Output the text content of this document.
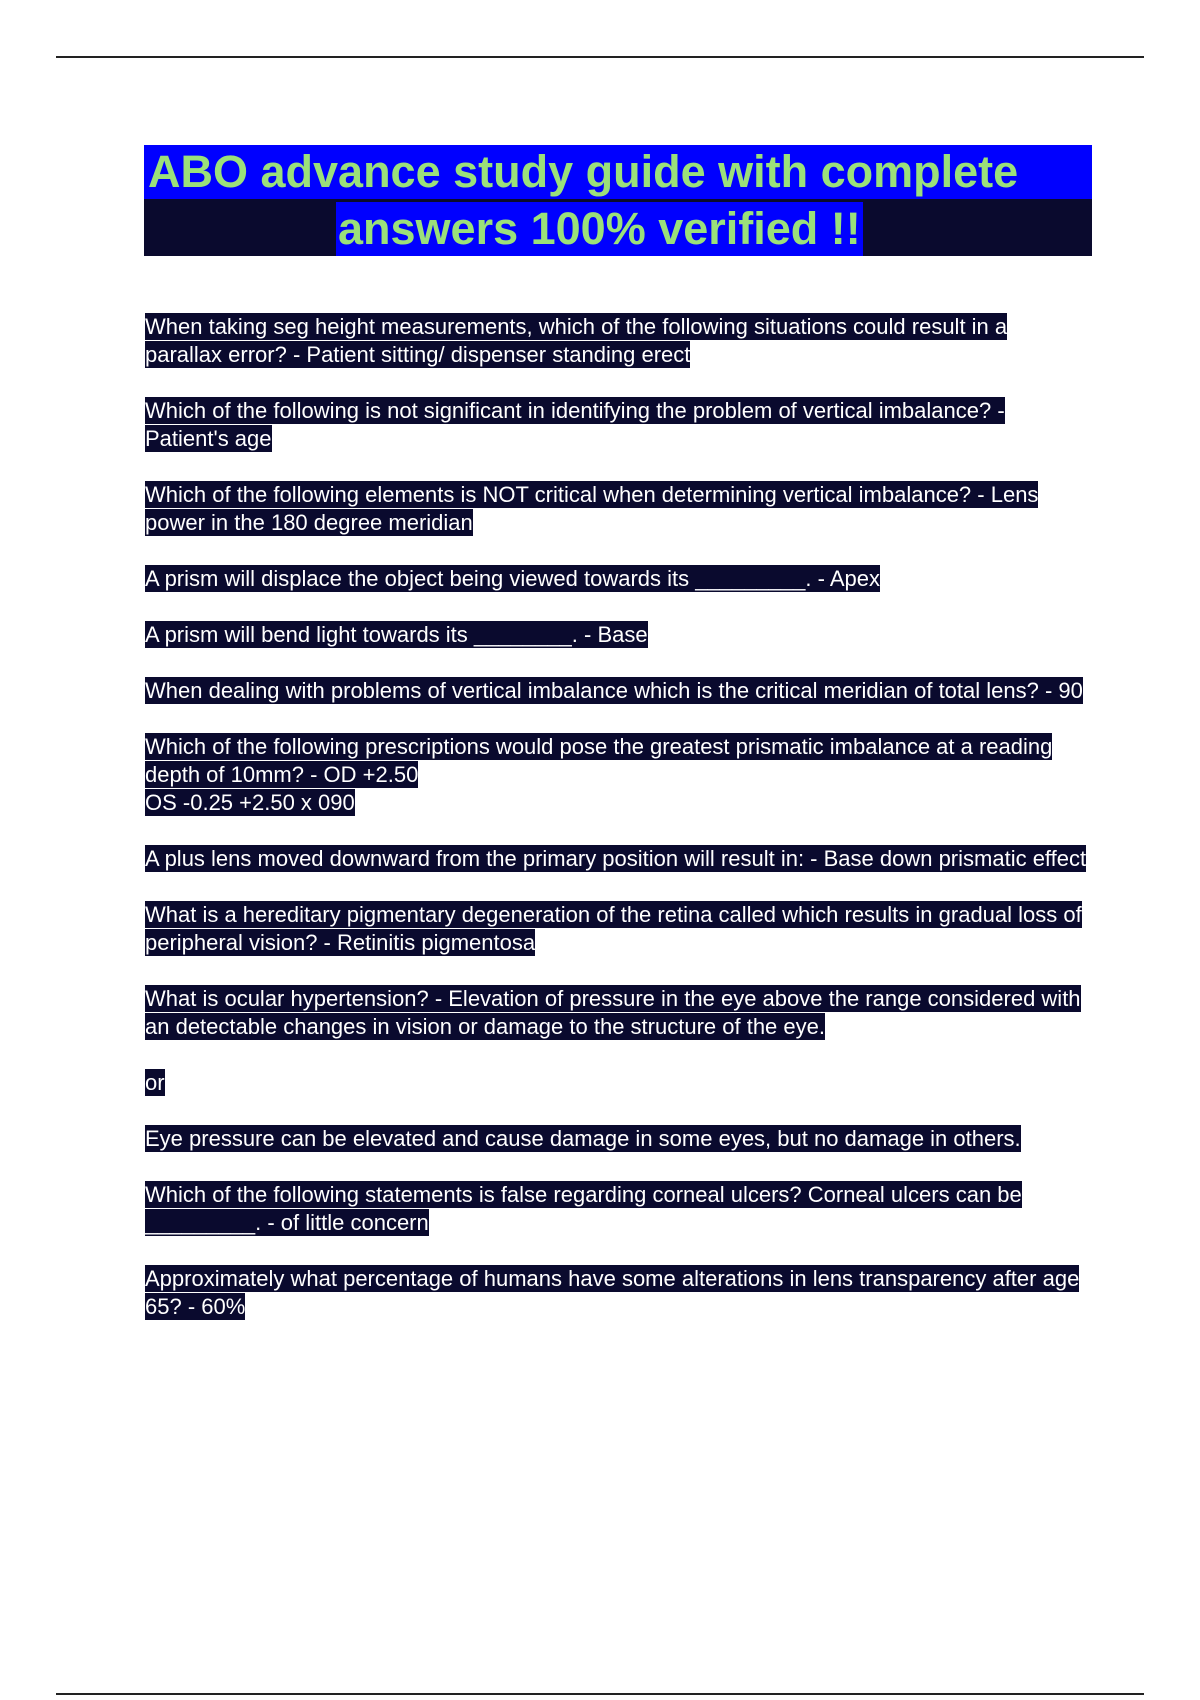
ABO advance study guide with complete
answers 100% verified !!

When taking seg height measurements, which of the following situations could result in a parallax error? - Patient sitting/ dispenser standing erect

Which of the following is not significant in identifying the problem of vertical imbalance? - Patient's age

Which of the following elements is NOT critical when determining vertical imbalance? - Lens power in the 180 degree meridian

A prism will displace the object being viewed towards its _________. - Apex

A prism will bend light towards its ________. - Base

When dealing with problems of vertical imbalance which is the critical meridian of total lens? - 90

Which of the following prescriptions would pose the greatest prismatic imbalance at a reading depth of 10mm? - OD +2.50
OS -0.25 +2.50 x 090

A plus lens moved downward from the primary position will result in: - Base down prismatic effect

What is a hereditary pigmentary degeneration of the retina called which results in gradual loss of peripheral vision? - Retinitis pigmentosa

What is ocular hypertension? - Elevation of pressure in the eye above the range considered with an detectable changes in vision or damage to the structure of the eye.

or

Eye pressure can be elevated and cause damage in some eyes, but no damage in others.

Which of the following statements is false regarding corneal ulcers? Corneal ulcers can be _________. - of little concern

Approximately what percentage of humans have some alterations in lens transparency after age 65? - 60%
